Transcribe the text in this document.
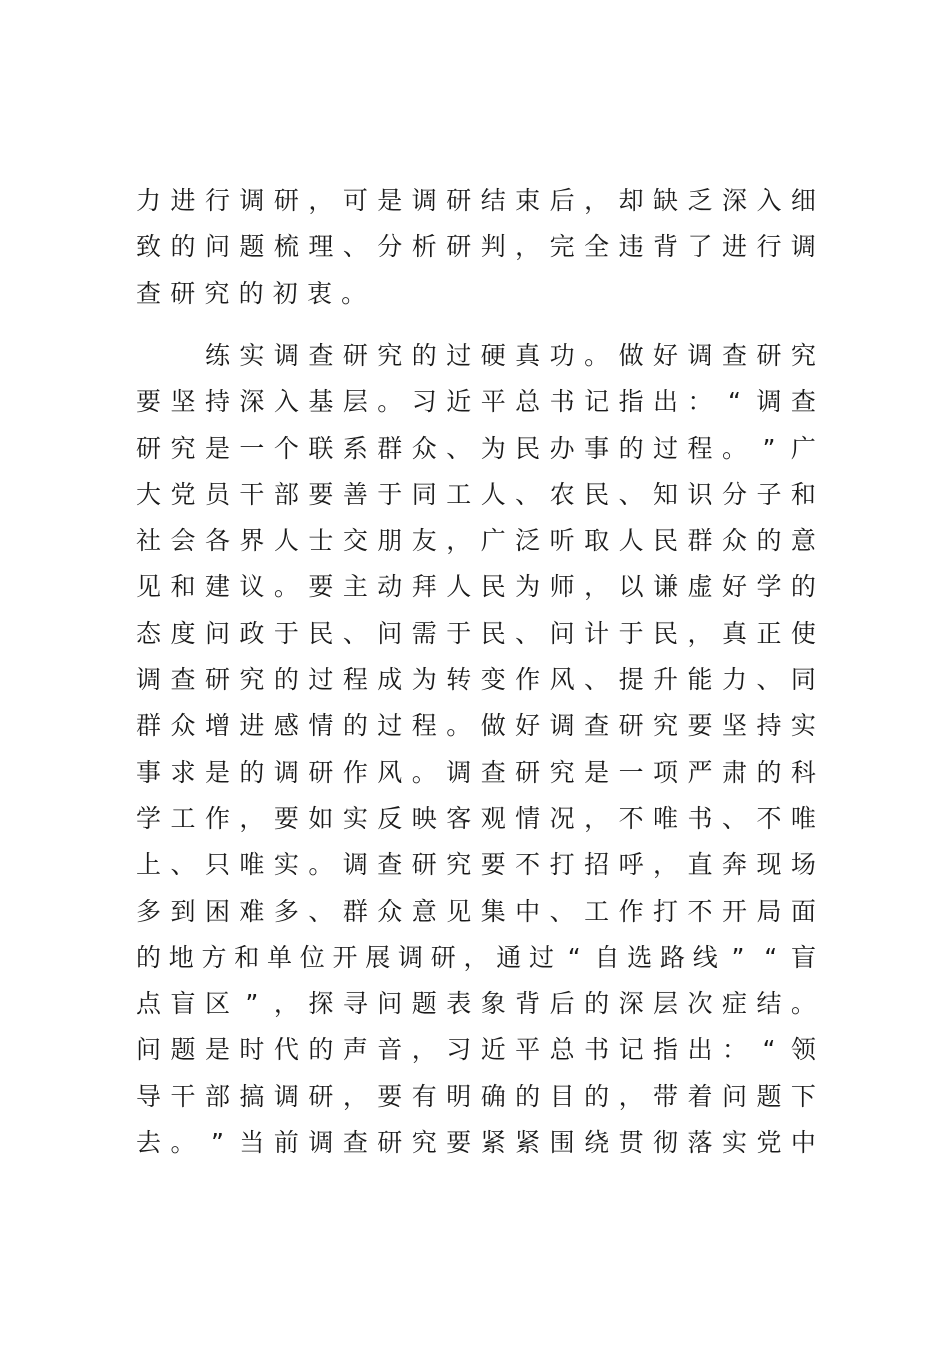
力 进 行 调 研 ， 可 是 调 研 结 束 后 ， 却 缺 乏 深 入 细
致 的 问 题 梳 理 、 分 析 研 判 ， 完 全 违 背 了 进 行 调
查 研 究 的 初 衷 。

练 实 调 查 研 究 的 过 硬 真 功 。 做 好 调 查 研 究
要 坚 持 深 入 基 层 。 习 近 平 总 书 记 指 出 ： “ 调 查
研 究 是 一 个 联 系 群 众 、 为 民 办 事 的 过 程 。 ” 广
大 党 员 干 部 要 善 于 同 工 人 、 农 民 、 知 识 分 子 和
社 会 各 界 人 士 交 朋 友 ， 广 泛 听 取 人 民 群 众 的 意
见 和 建 议 。 要 主 动 拜 人 民 为 师 ， 以 谦 虚 好 学 的
态 度 问 政 于 民 、 问 需 于 民 、 问 计 于 民 ， 真 正 使
调 查 研 究 的 过 程 成 为 转 变 作 风 、 提 升 能 力 、 同
群 众 增 进 感 情 的 过 程 。 做 好 调 查 研 究 要 坚 持 实
事 求 是 的 调 研 作 风 。 调 查 研 究 是 一 项 严 肃 的 科
学 工 作 ， 要 如 实 反 映 客 观 情 况 ， 不 唯 书 、 不 唯
上 、 只 唯 实 。 调 查 研 究 要 不 打 招 呼 ， 直 奔 现 场
多 到 困 难 多 、 群 众 意 见 集 中 、 工 作 打 不 开 局 面
的 地 方 和 单 位 开 展 调 研 ， 通 过 “ 自 选 路 线 ” “ 盲
点 盲 区 ” ， 探 寻 问 题 表 象 背 后 的 深 层 次 症 结 。
问 题 是 时 代 的 声 音 ， 习 近 平 总 书 记 指 出 ： “ 领
导 干 部 搞 调 研 ， 要 有 明 确 的 目 的 ， 带 着 问 题 下
去 。 ” 当 前 调 查 研 究 要 紧 紧 围 绕 贯 彻 落 实 党 中
